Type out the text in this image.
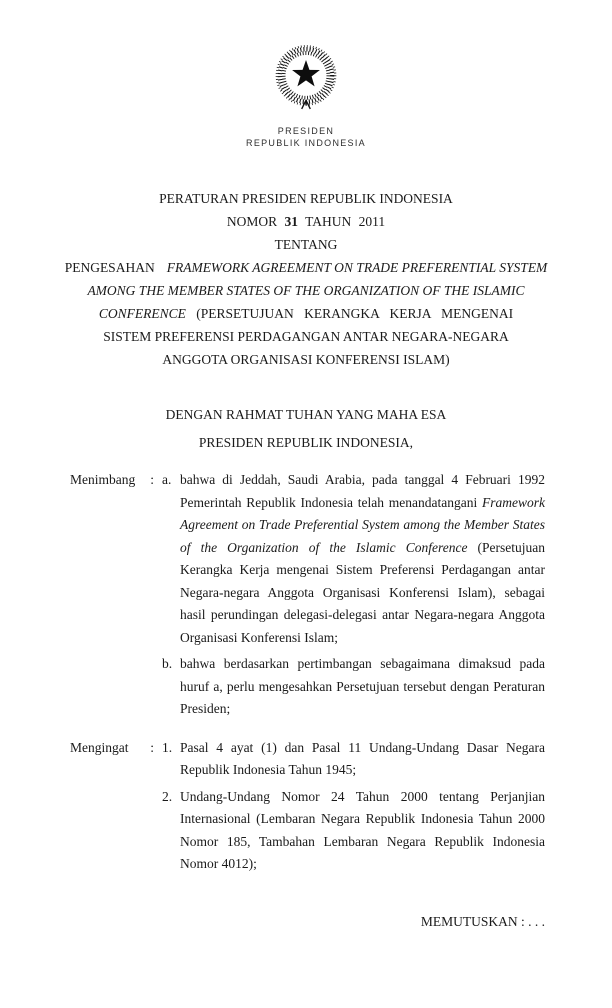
PRESIDEN
REPUBLIK INDONESIA
PERATURAN PRESIDEN REPUBLIK INDONESIA
NOMOR 31 TAHUN 2011
TENTANG
PENGESAHAN FRAMEWORK AGREEMENT ON TRADE PREFERENTIAL SYSTEM
AMONG THE MEMBER STATES OF THE ORGANIZATION OF THE ISLAMIC
CONFERENCE (PERSETUJUAN KERANGKA KERJA MENGENAI
SISTEM PREFERENSI PERDAGANGAN ANTAR NEGARA-NEGARA
ANGGOTA ORGANISASI KONFERENSI ISLAM)
DENGAN RAHMAT TUHAN YANG MAHA ESA
PRESIDEN REPUBLIK INDONESIA,
Menimbang : a. bahwa di Jeddah, Saudi Arabia, pada tanggal 4 Februari 1992 Pemerintah Republik Indonesia telah menandatangani Framework Agreement on Trade Preferential System among the Member States of the Organization of the Islamic Conference (Persetujuan Kerangka Kerja mengenai Sistem Preferensi Perdagangan antar Negara-negara Anggota Organisasi Konferensi Islam), sebagai hasil perundingan delegasi-delegasi antar Negara-negara Anggota Organisasi Konferensi Islam;
b. bahwa berdasarkan pertimbangan sebagaimana dimaksud pada huruf a, perlu mengesahkan Persetujuan tersebut dengan Peraturan Presiden;
Mengingat : 1. Pasal 4 ayat (1) dan Pasal 11 Undang-Undang Dasar Negara Republik Indonesia Tahun 1945;
2. Undang-Undang Nomor 24 Tahun 2000 tentang Perjanjian Internasional (Lembaran Negara Republik Indonesia Tahun 2000 Nomor 185, Tambahan Lembaran Negara Republik Indonesia Nomor 4012);
MEMUTUSKAN : . . .
